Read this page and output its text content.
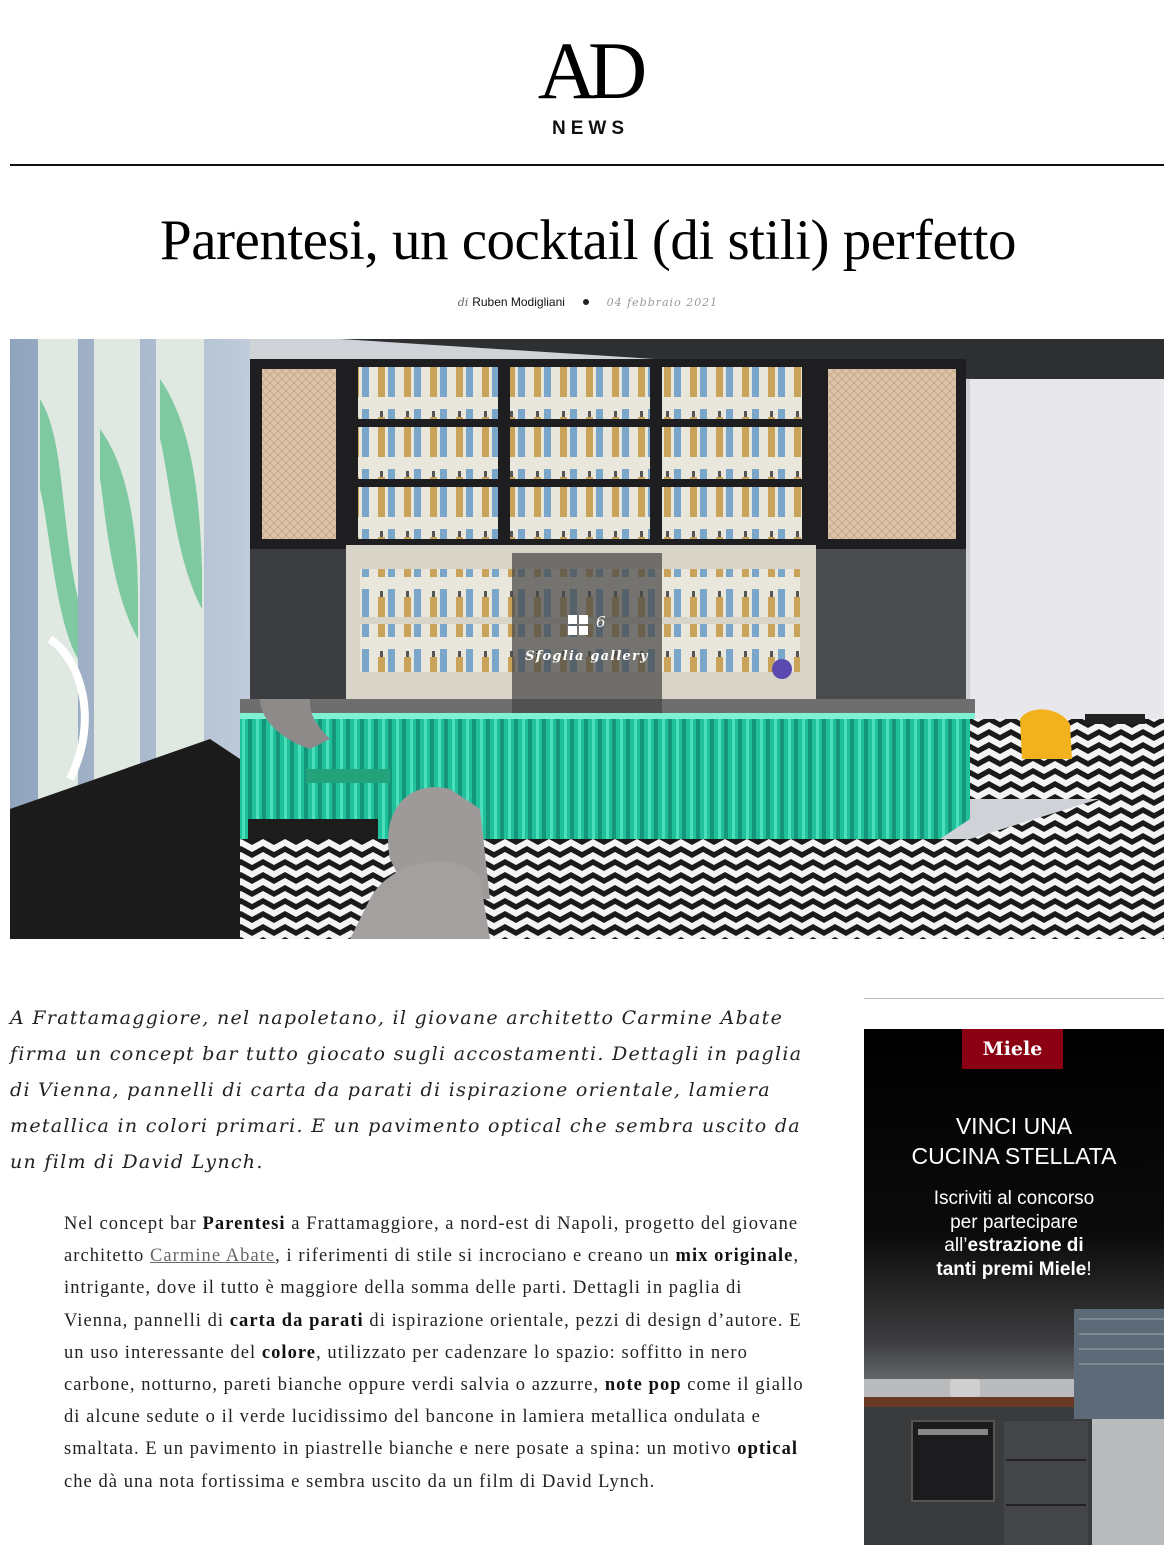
AD
NEWS
Parentesi, un cocktail (di stili) perfetto
di Ruben Modigliani	04 febbraio 2021
6
Sfoglia gallery

A Frattamaggiore, nel napoletano, il giovane architetto Carmine Abate firma un concept bar tutto giocato sugli accostamenti. Dettagli in paglia di Vienna, pannelli di carta da parati di ispirazione orientale, lamiera metallica in colori primari. E un pavimento optical che sembra uscito da un film di David Lynch.

Nel concept bar Parentesi a Frattamaggiore, a nord-est di Napoli, progetto del giovane architetto Carmine Abate, i riferimenti di stile si incrociano e creano un mix originale, intrigante, dove il tutto è maggiore della somma delle parti. Dettagli in paglia di Vienna, pannelli di carta da parati di ispirazione orientale, pezzi di design d’autore. E un uso interessante del colore, utilizzato per cadenzare lo spazio: soffitto in nero carbone, notturno, pareti bianche oppure verdi salvia o azzurre, note pop come il giallo di alcune sedute o il verde lucidissimo del bancone in lamiera metallica ondulata e smaltata. E un pavimento in piastrelle bianche e nere posate a spina: un motivo optical che dà una nota fortissima e sembra uscito da un film di David Lynch.

Miele
VINCI UNA
CUCINA STELLATA
Iscriviti al concorso
per partecipare
all’estrazione di
tanti premi Miele!
